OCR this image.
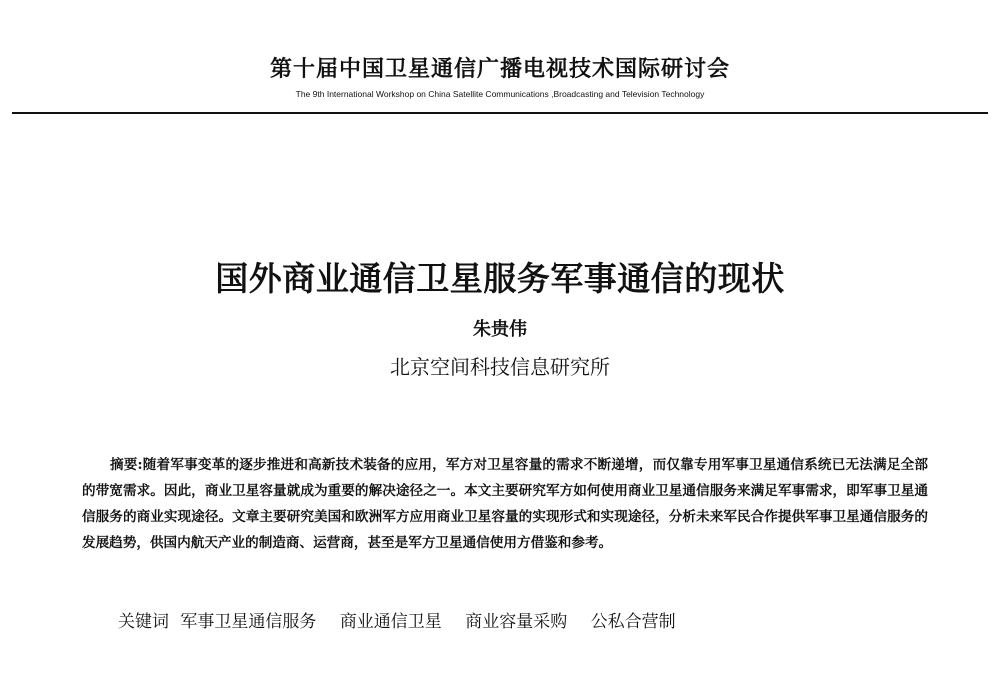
第十届中国卫星通信广播电视技术国际研讨会
The 9th International Workshop on China Satellite Communications ,Broadcasting and Television Technology
国外商业通信卫星服务军事通信的现状
朱贵伟
北京空间科技信息研究所

摘要:随着军事变革的逐步推进和高新技术装备的应用，军方对卫星容量的需求不断递增，而仅靠专用军事卫星通信系统已无法满足全部的带宽需求。因此，商业卫星容量就成为重要的解决途径之一。本文主要研究军方如何使用商业卫星通信服务来满足军事需求，即军事卫星通信服务的商业实现途径。文章主要研究美国和欧洲军方应用商业卫星容量的实现形式和实现途径，分析未来军民合作提供军事卫星通信服务的发展趋势，供国内航天产业的制造商、运营商，甚至是军方卫星通信使用方借鉴和参考。

关键词 军事卫星通信服务 商业通信卫星 商业容量采购 公私合营制
